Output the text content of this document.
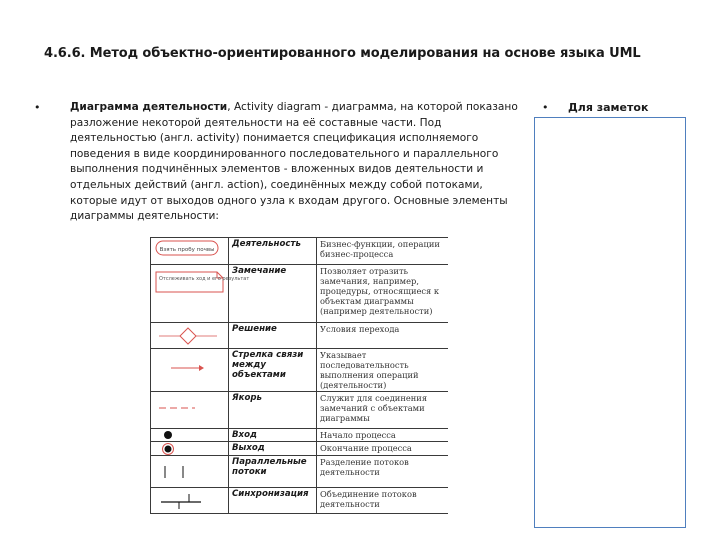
4.6.6. Метод объектно-ориентированного моделирования на основе языка UML
•	Диаграмма деятельности, Activity diagram - диаграмма, на которой показано разложение некоторой деятельности на её составные части. Под деятельностью (англ. activity) понимается спецификация исполняемого поведения в виде координированного последовательного и параллельного выполнения подчинённых элементов - вложенных видов деятельности и отдельных действий (англ. action), соединённых между собой потоками, которые идут от выходов одного узла к входам другого. Основные элементы диаграммы деятельности:
• Для заметок
Взять пробу почвы	Деятельность	Бизнес-функции, операции бизнес-процесса

Отслеживать ход и его результат	Замечание	Позволяет отразить замечания, например, процедуры, относящиеся к объектам диаграммы (например деятельности)

	Решение	Условия перехода

	Стрелка связи между объектами	Указывает последовательность выполнения операций (деятельности)

	Якорь	Служит для соединения замечаний с объектами диаграммы

	Вход	Начало процесса

	Выход	Окончание процесса

	Параллельные потоки	Разделение потоков деятельности

	Синхронизация	Объединение потоков деятельности
